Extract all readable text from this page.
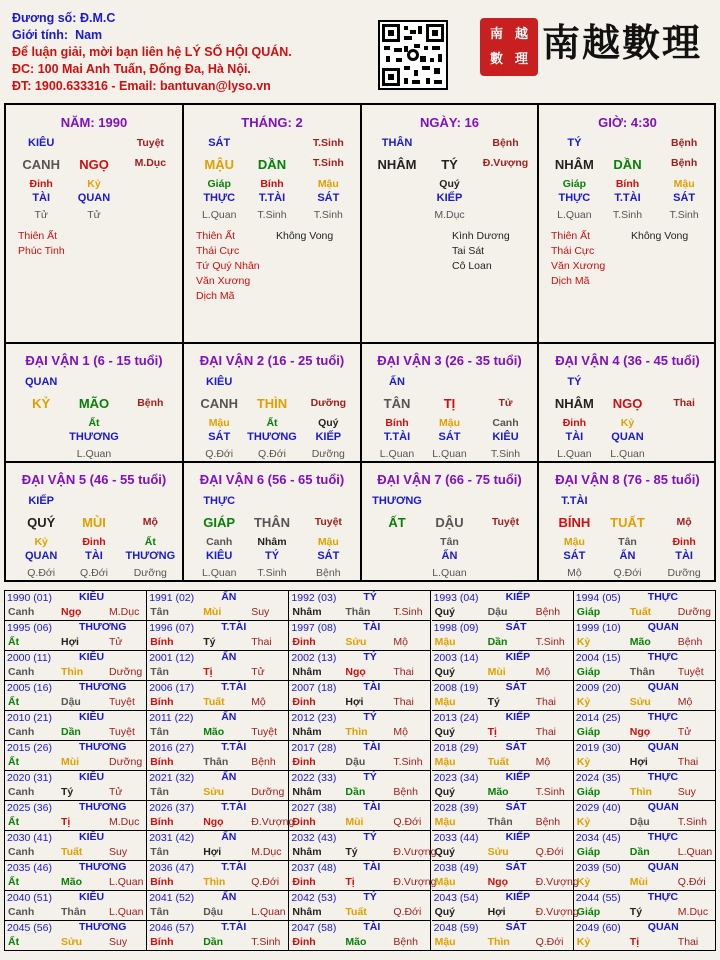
Đương số: Đ.M.C
Giới tính: Nam
Để luận giải, mời bạn liên hệ LÝ SỐ HỘI QUÁN.
ĐC: 100 Mai Anh Tuấn, Đống Đa, Hà Nội.
ĐT: 1900.633316 - Email: bantuvan@lyso.vn
南 越
數 理 南越數理
NĂM: 1990
KIÊU	Tuyệt
CANH NGỌ M.Dục
Đinh	Kỷ
TÀI	QUAN
Tử	Tử
Thiên Ất
Phúc Tinh
THÁNG: 2
SÁT	T.Sinh
MẬU DẦN	T.Sinh
Giáp	Bính	Mậu
THỰC T.TÀI	SÁT
L.Quan T.Sinh	T.Sinh
Thiên Ất
Thái Cực
Tứ Quý Nhân
Văn Xương
Dịch Mã
Không Vong
NGÀY: 16
THÂN	Bệnh
NHÂM TÝ Đ.Vượng
Quý
KIẾP
M.Dục
Kình Dương
Tai Sát
Cô Loan
GIỜ: 4:30
TÝ	Bệnh
NHÂM DẦN	Bệnh
Giáp	Bính	Mậu
THỰC T.TÀI	SÁT
L.Quan T.Sinh	T.Sinh
Thiên Ất
Thái Cực
Văn Xương
Dịch Mã
Không Vong
ĐẠI VẬN 1 (6 - 15 tuổi)
QUAN
KỶ MÃO	Bệnh
Ất
THƯƠNG
L.Quan
ĐẠI VẬN 2 (16 - 25 tuổi)
KIÊU
CANH THÌN Dưỡng
Mậu	Ất	Quý
SÁT THƯƠNG KIẾP
Q.Đới Q.Đới Dưỡng
ĐẠI VẬN 3 (26 - 35 tuổi)
ẤN
TÂN	TỊ	Tử
Bính	Mậu	Canh
T.TÀI	SÁT	KIÊU
L.Quan L.Quan T.Sinh
ĐẠI VẬN 4 (36 - 45 tuổi)
TÝ
NHÂM NGỌ	Thai
Đinh	Kỷ
TÀI	QUAN
L.Quan L.Quan
ĐẠI VẬN 5 (46 - 55 tuổi)
KIẾP
QUÝ MÙI	Mộ
Kỷ	Đinh	Ất
QUAN	TÀI THƯƠNG
Q.Đới Q.Đới Dưỡng
ĐẠI VẬN 6 (56 - 65 tuổi)
THỰC
GIÁP THÂN Tuyệt
Canh Nhâm	Mậu
KIÊU	TÝ	SÁT
L.Quan T.Sinh	Bệnh
ĐẠI VẬN 7 (66 - 75 tuổi)
THƯƠNG
ẤT DẬU	Tuyệt
Tân
ẤN
L.Quan
ĐẠI VẬN 8 (76 - 85 tuổi)
T.TÀI
BÍNH TUẤT	Mộ
Mậu	Tân	Đinh
SÁT	ẤN	TÀI
Mộ	Q.Đới Dưỡng
1990 (01)	KIÊU
Canh	Ngọ	M.Dục
1991 (02)	ẤN
Tân	Mùi	Suy
1992 (03)	TÝ
Nhâm Thân T.Sinh
1993 (04)	KIẾP
Quý	Dậu	Bệnh
1994 (05)	THỰC
Giáp	Tuất	Dưỡng
1995 (06)	THƯƠNG
Ất	Hợi	Tử
1996 (07)	T.TÀI
Bính	Tý	Thai
1997 (08)	TÀI
Đinh	Sửu	Mộ
1998 (09)	SÁT
Mậu	Dần	T.Sinh
1999 (10)	QUAN
Kỷ	Mão	Bệnh
2000 (11)	KIÊU
Canh	Thìn Dưỡng
2001 (12)	ẤN
Tân	Tị	Tử
2002 (13)	TÝ
Nhâm Ngọ	Thai
2003 (14)	KIẾP
Quý	Mùi	Mộ
2004 (15)	THỰC
Giáp	Thân Tuyệt
2005 (16)	THƯƠNG
Ất	Dậu	Tuyệt
2006 (17)	T.TÀI
Bính	Tuất	Mộ
2007 (18)	TÀI
Đinh	Hợi	Thai
2008 (19)	SÁT
Mậu	Tý	Thai
2009 (20)	QUAN
Kỷ	Sửu	Mộ
2010 (21)	KIÊU
Canh	Dần	Tuyệt
2011 (22)	ẤN
Tân	Mão	Tuyệt
2012 (23)	TÝ
Nhâm Thìn Mộ
2013 (24)	KIẾP
Quý	Tị	Thai
2014 (25)	THỰC
Giáp	Ngọ	Tử
2015 (26)	THƯƠNG
Ất	Mùi	Dưỡng
2016 (27)	T.TÀI
Bính	Thân Bệnh
2017 (28)	TÀI
Đinh	Dậu	T.Sinh
2018 (29)	SÁT
Mậu	Tuất	Mộ
2019 (30)	QUAN
Kỷ	Hợi	Thai
2020 (31)	KIÊU
Canh	Tý	Tử
2021 (32)	ẤN
Tân	Sửu	Dưỡng
2022 (33)	TÝ
Nhâm Dần	Bệnh
2023 (34)	KIẾP
Quý	Mão	T.Sinh
2024 (35)	THỰC
Giáp	Thìn Suy
2025 (36)	THƯƠNG
Ất	Tị	M.Dục
2026 (37)	T.TÀI
Bính	Ngọ	Đ.Vượng
2027 (38)	TÀI
Đinh	Mùi	Q.Đới
2028 (39)	SÁT
Mậu	Thân Bệnh
2029 (40)	QUAN
Kỷ	Dậu	T.Sinh
2030 (41)	KIÊU
Canh	Tuất	Suy
2031 (42)	ẤN
Tân	Hợi	M.Dục
2032 (43)	TÝ
Nhâm Tý	Đ.Vượng
2033 (44)	KIẾP
Quý	Sửu	Q.Đới
2034 (45)	THỰC
Giáp	Dần	L.Quan
2035 (46)	THƯƠNG
Ất	Mão	L.Quan
2036 (47)	T.TÀI
Bính	Thìn Q.Đới
2037 (48)	TÀI
Đinh	Tị	Đ.Vượng
2038 (49)	SÁT
Mậu	Ngọ	Đ.Vượng
2039 (50)	QUAN
Kỷ	Mùi	Q.Đới
2040 (51)	KIÊU
Canh	Thân L.Quan
2041 (52)	ẤN
Tân	Dậu	L.Quan
2042 (53)	TÝ
Nhâm Tuất	Q.Đới
2043 (54)	KIẾP
Quý	Hợi	Đ.Vượng
2044 (55)	THỰC
Giáp	Tý	M.Dục
2045 (56)	THƯƠNG
Ất	Sửu	Suy
2046 (57)	T.TÀI
Bính	Dần	T.Sinh
2047 (58)	TÀI
Đinh	Mão	Bệnh
2048 (59)	SÁT
Mậu	Thìn Q.Đới
2049 (60)	QUAN
Kỷ	Tị	Thai
